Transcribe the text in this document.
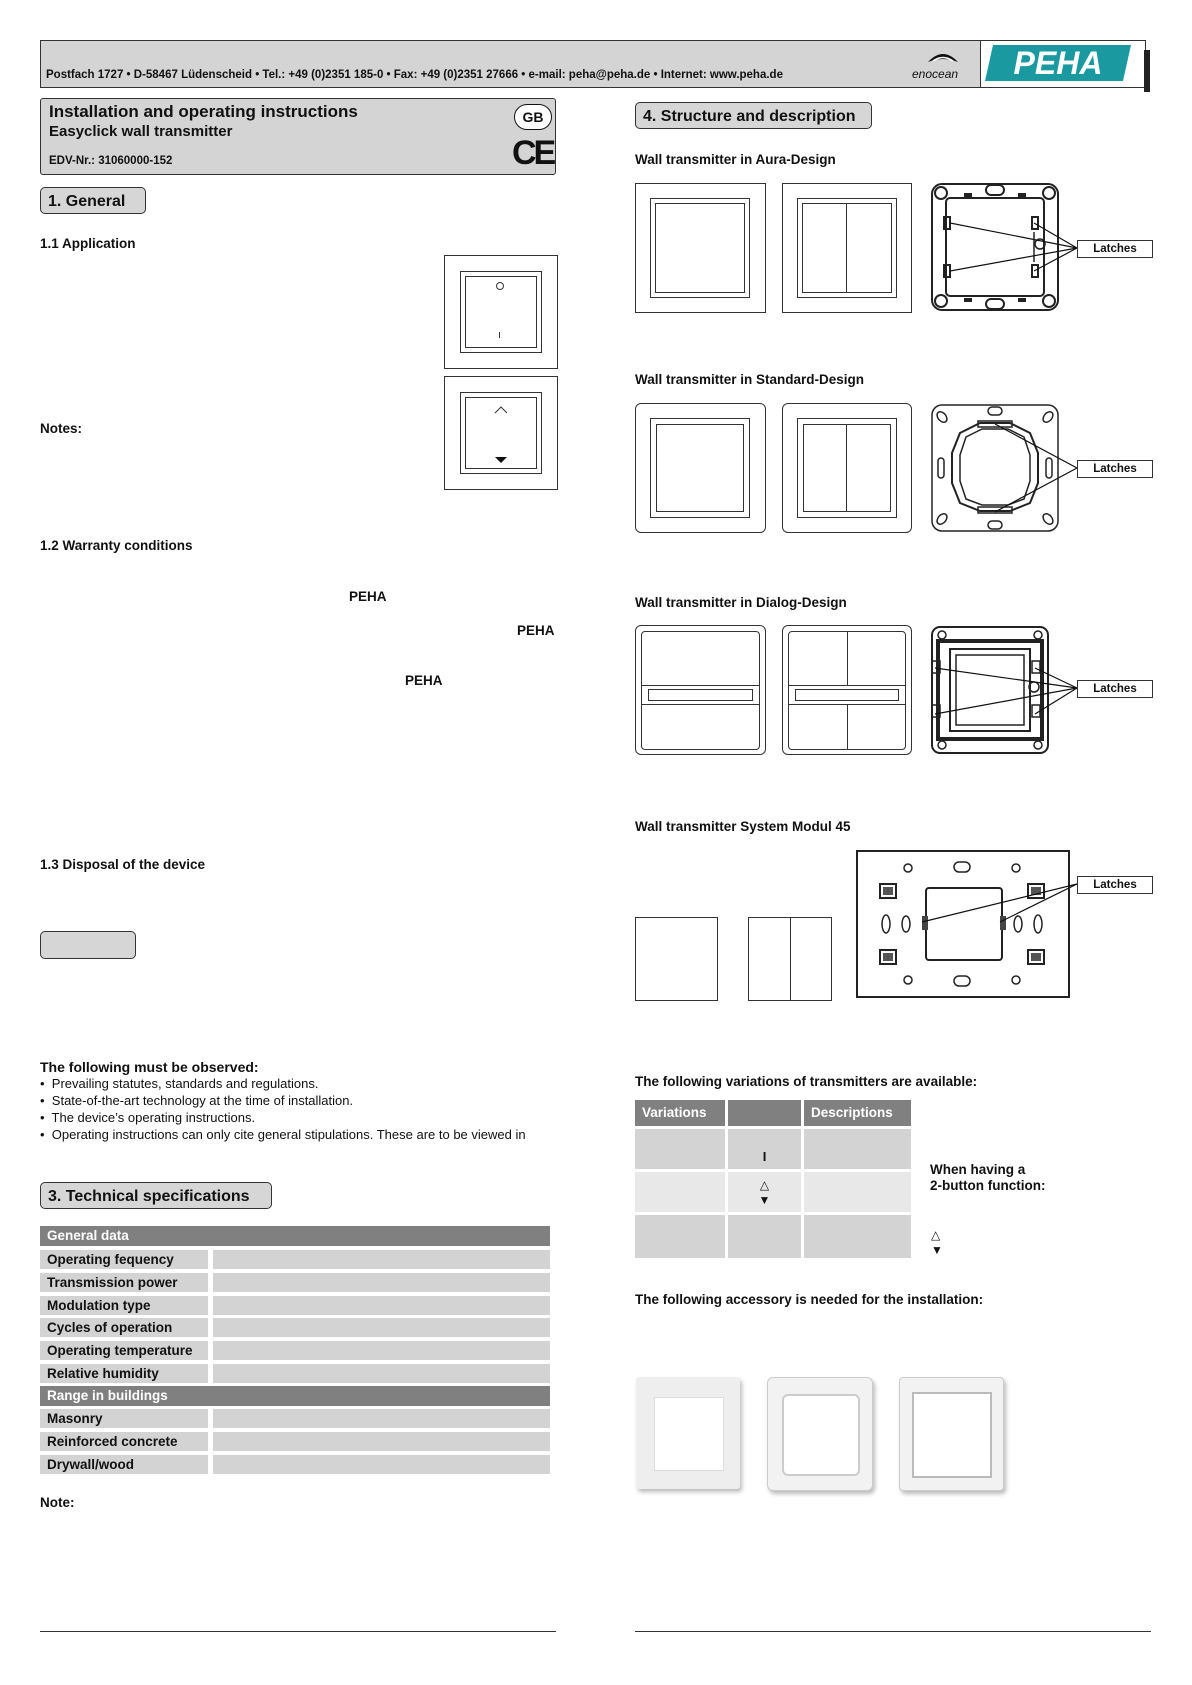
Postfach 1727 • D-58467 Lüdenscheid • Tel.: +49 (0)2351 185-0 • Fax: +49 (0)2351 27666 • e-mail: peha@peha.de • Internet: www.peha.de	enocean PEHA
Installation and operating instructions
Easyclick wall transmitter
EDV-Nr.: 31060000-152
GB
CE
1. General
1.1 Application
Notes:
1.2 Warranty conditions
PEHA
PEHA
PEHA
1.3 Disposal of the device
The following must be observed:
•  Prevailing statutes, standards and regulations.
•  State-of-the-art technology at the time of installation.
•  The device’s operating instructions.
•  Operating instructions can only cite general stipulations. These are to be viewed in
3. Technical specifications
General data
Operating fequency
Transmission power
Modulation type
Cycles of operation
Operating temperature
Relative humidity
Range in buildings
Masonry
Reinforced concrete
Drywall/wood
Note:
4. Structure and description
Wall transmitter in Aura-Design
Latches
Wall transmitter in Standard-Design
Latches
Wall transmitter in Dialog-Design
Latches
Wall transmitter System Modul 45
Latches
The following variations of transmitters are available:
Variations	Descriptions
I
△
▼
When having a
2-button function:
△
▼
The following accessory is needed for the installation:
